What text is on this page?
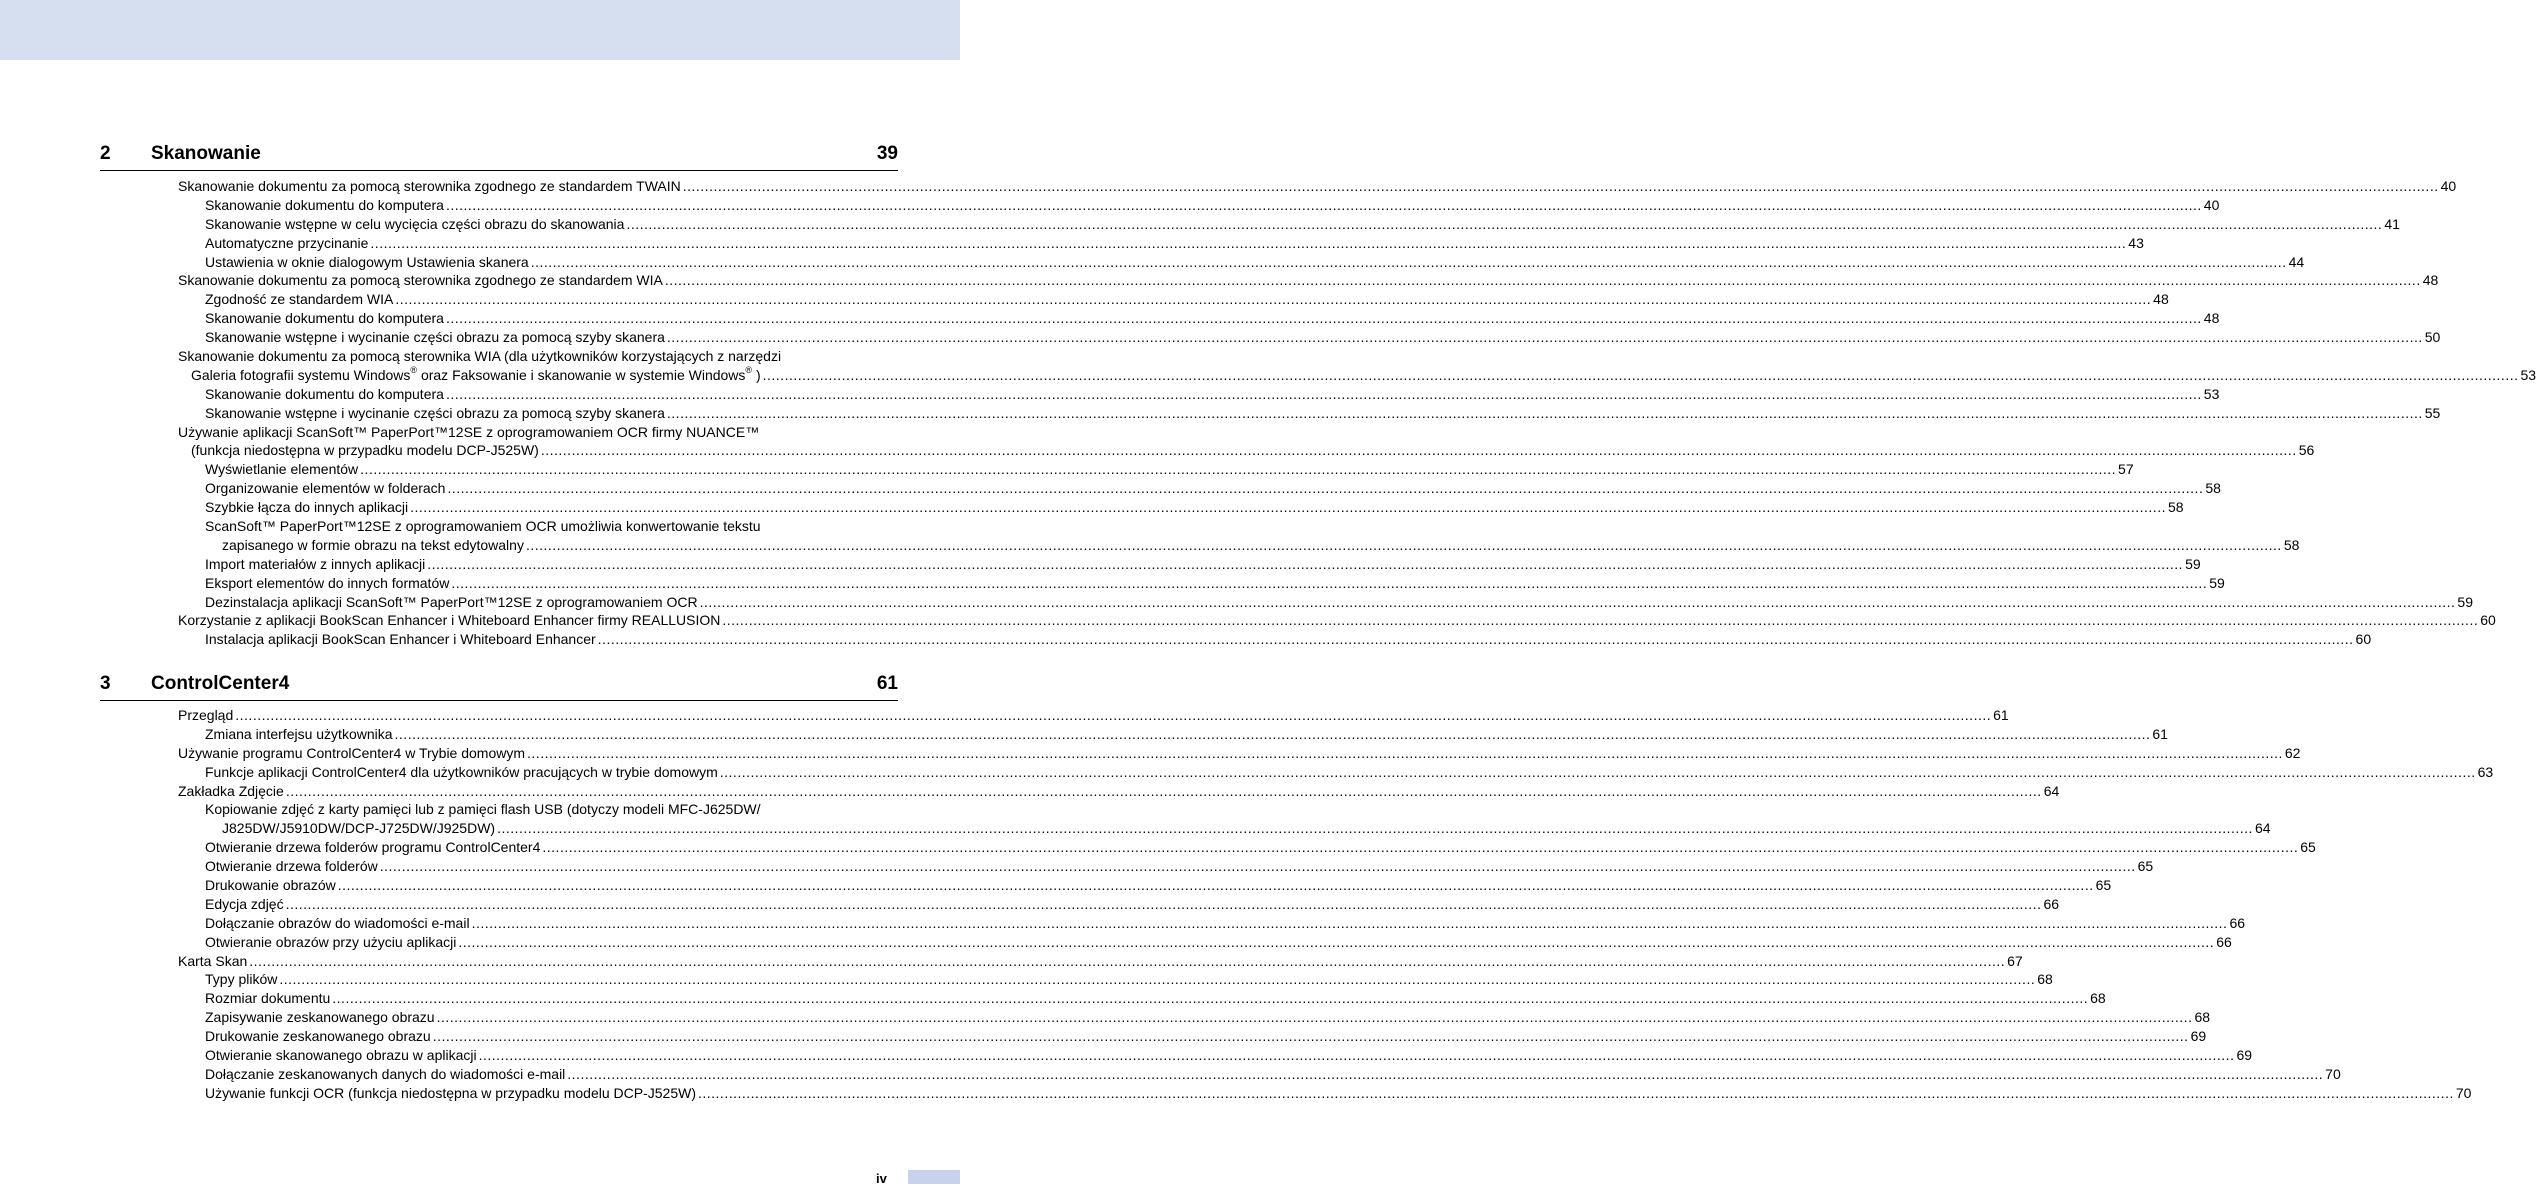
2 Skanowanie	39
Skanowanie dokumentu za pomocą sterownika zgodnego ze standardem TWAIN ................................................................................................................................................................................................................................................................................................................................................................................................................ 40
Skanowanie dokumentu do komputera ................................................................................................................................................................................................................................................................................................................................................................................................................ 40
Skanowanie wstępne w celu wycięcia części obrazu do skanowania ................................................................................................................................................................................................................................................................................................................................................................................................................ 41
Automatyczne przycinanie ................................................................................................................................................................................................................................................................................................................................................................................................................ 43
Ustawienia w oknie dialogowym Ustawienia skanera ................................................................................................................................................................................................................................................................................................................................................................................................................ 44
Skanowanie dokumentu za pomocą sterownika zgodnego ze standardem WIA ................................................................................................................................................................................................................................................................................................................................................................................................................ 48
Zgodność ze standardem WIA ................................................................................................................................................................................................................................................................................................................................................................................................................ 48
Skanowanie dokumentu do komputera ................................................................................................................................................................................................................................................................................................................................................................................................................ 48
Skanowanie wstępne i wycinanie części obrazu za pomocą szyby skanera ................................................................................................................................................................................................................................................................................................................................................................................................................ 50
Skanowanie dokumentu za pomocą sterownika WIA (dla użytkowników korzystających z narzędzi
Galeria fotografii systemu Windows® oraz Faksowanie i skanowanie w systemie Windows® ) ................................................................................................................................................................................................................................................................................................................................................................................................................ 53
Skanowanie dokumentu do komputera ................................................................................................................................................................................................................................................................................................................................................................................................................ 53
Skanowanie wstępne i wycinanie części obrazu za pomocą szyby skanera ................................................................................................................................................................................................................................................................................................................................................................................................................ 55
Używanie aplikacji ScanSoft™ PaperPort™12SE z oprogramowaniem OCR firmy NUANCE™
(funkcja niedostępna w przypadku modelu DCP-J525W) ................................................................................................................................................................................................................................................................................................................................................................................................................ 56
Wyświetlanie elementów ................................................................................................................................................................................................................................................................................................................................................................................................................ 57
Organizowanie elementów w folderach ................................................................................................................................................................................................................................................................................................................................................................................................................ 58
Szybkie łącza do innych aplikacji ................................................................................................................................................................................................................................................................................................................................................................................................................ 58
ScanSoft™ PaperPort™12SE z oprogramowaniem OCR umożliwia konwertowanie tekstu
zapisanego w formie obrazu na tekst edytowalny ................................................................................................................................................................................................................................................................................................................................................................................................................ 58
Import materiałów z innych aplikacji ................................................................................................................................................................................................................................................................................................................................................................................................................ 59
Eksport elementów do innych formatów ................................................................................................................................................................................................................................................................................................................................................................................................................ 59
Dezinstalacja aplikacji ScanSoft™ PaperPort™12SE z oprogramowaniem OCR ................................................................................................................................................................................................................................................................................................................................................................................................................ 59
Korzystanie z aplikacji BookScan Enhancer i Whiteboard Enhancer firmy REALLUSION ................................................................................................................................................................................................................................................................................................................................................................................................................ 60
Instalacja aplikacji BookScan Enhancer i Whiteboard Enhancer ................................................................................................................................................................................................................................................................................................................................................................................................................ 60
3 ControlCenter4	61
Przegląd ................................................................................................................................................................................................................................................................................................................................................................................................................ 61
Zmiana interfejsu użytkownika ................................................................................................................................................................................................................................................................................................................................................................................................................ 61
Używanie programu ControlCenter4 w Trybie domowym ................................................................................................................................................................................................................................................................................................................................................................................................................ 62
Funkcje aplikacji ControlCenter4 dla użytkowników pracujących w trybie domowym ................................................................................................................................................................................................................................................................................................................................................................................................................ 63
Zakładka Zdjęcie ................................................................................................................................................................................................................................................................................................................................................................................................................ 64
Kopiowanie zdjęć z karty pamięci lub z pamięci flash USB (dotyczy modeli MFC-J625DW/
J825DW/J5910DW/DCP-J725DW/J925DW) ................................................................................................................................................................................................................................................................................................................................................................................................................ 64
Otwieranie drzewa folderów programu ControlCenter4 ................................................................................................................................................................................................................................................................................................................................................................................................................ 65
Otwieranie drzewa folderów ................................................................................................................................................................................................................................................................................................................................................................................................................ 65
Drukowanie obrazów ................................................................................................................................................................................................................................................................................................................................................................................................................ 65
Edycja zdjęć ................................................................................................................................................................................................................................................................................................................................................................................................................ 66
Dołączanie obrazów do wiadomości e-mail ................................................................................................................................................................................................................................................................................................................................................................................................................ 66
Otwieranie obrazów przy użyciu aplikacji ................................................................................................................................................................................................................................................................................................................................................................................................................ 66
Karta Skan ................................................................................................................................................................................................................................................................................................................................................................................................................ 67
Typy plików ................................................................................................................................................................................................................................................................................................................................................................................................................ 68
Rozmiar dokumentu ................................................................................................................................................................................................................................................................................................................................................................................................................ 68
Zapisywanie zeskanowanego obrazu ................................................................................................................................................................................................................................................................................................................................................................................................................ 68
Drukowanie zeskanowanego obrazu ................................................................................................................................................................................................................................................................................................................................................................................................................ 69
Otwieranie skanowanego obrazu w aplikacji ................................................................................................................................................................................................................................................................................................................................................................................................................ 69
Dołączanie zeskanowanych danych do wiadomości e-mail ................................................................................................................................................................................................................................................................................................................................................................................................................ 70
Używanie funkcji OCR (funkcja niedostępna w przypadku modelu DCP-J525W) ................................................................................................................................................................................................................................................................................................................................................................................................................ 70
iv
